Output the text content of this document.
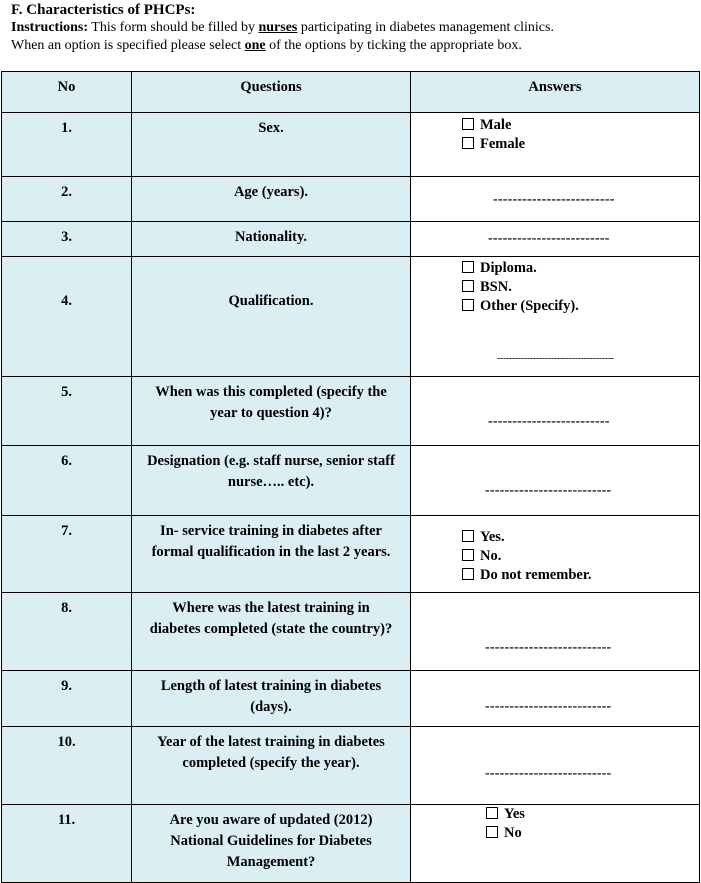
F. Characteristics of PHCPs:
Instructions: This form should be filled by nurses participating in diabetes management clinics.
When an option is specified please select one of the options by ticking the appropriate box.
No	Questions	Answers
1.	Sex.	Male
Female

2.	Age (years).	-------------------------

3.	Nationality.	-------------------------

4.	Qualification.	Diploma.
BSN.
Other (Specify).
---------------------------------------

5.	When was this completed (specify the year to question 4)?	-------------------------

6.	Designation (e.g. staff nurse, senior staff nurse….. etc).	--------------------------

7.	In- service training in diabetes after formal qualification in the last 2 years.	Yes.
No.
Do not remember.

8.	Where was the latest training in diabetes completed (state the country)?	--------------------------

9.	Length of latest training in diabetes (days).	--------------------------

10.	Year of the latest training in diabetes completed (specify the year).	--------------------------

11.	Are you aware of updated (2012) National Guidelines for Diabetes Management?	Yes
No
